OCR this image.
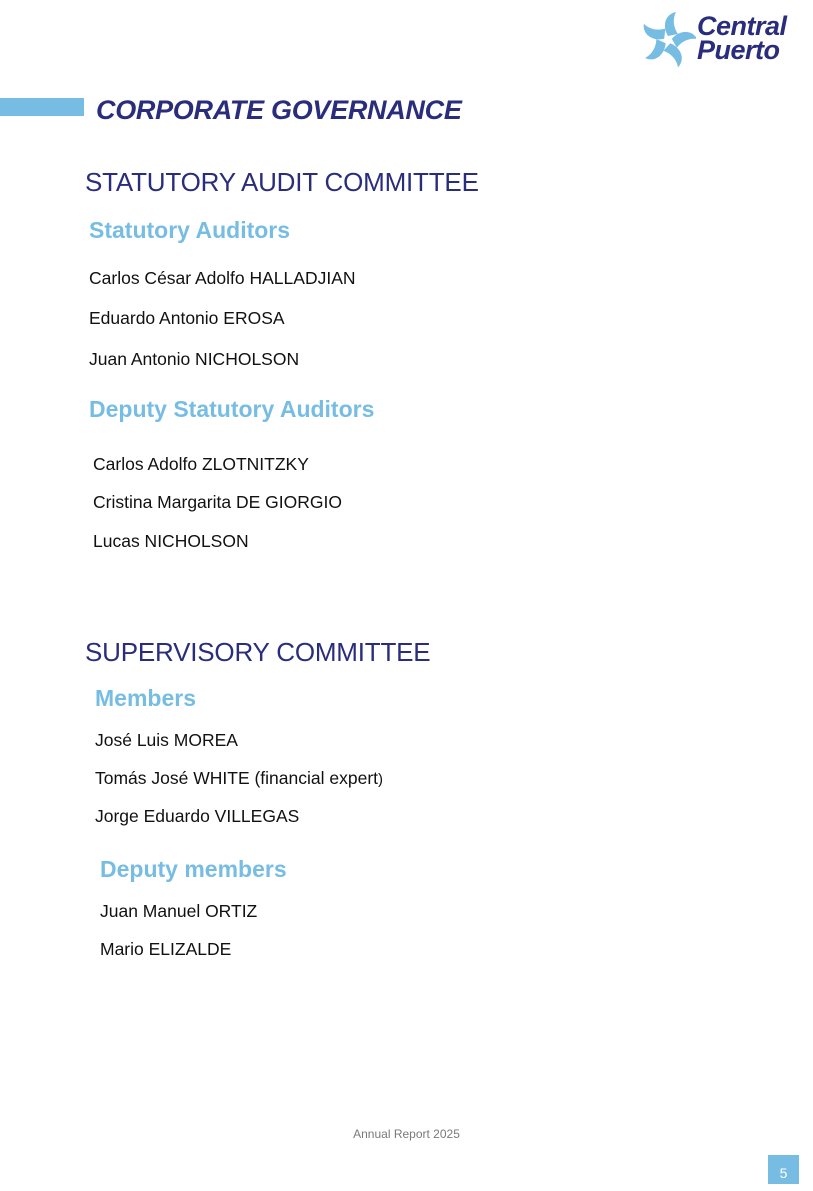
Central
Puerto
CORPORATE GOVERNANCE
STATUTORY AUDIT COMMITTEE
Statutory Auditors
Carlos César Adolfo HALLADJIAN
Eduardo Antonio EROSA
Juan Antonio NICHOLSON
Deputy Statutory Auditors
Carlos Adolfo ZLOTNITZKY
Cristina Margarita DE GIORGIO
Lucas NICHOLSON
SUPERVISORY COMMITTEE
Members
José Luis MOREA
Tomás José WHITE (financial expert)
Jorge Eduardo VILLEGAS
Deputy members
Juan Manuel ORTIZ
Mario ELIZALDE
Annual Report 2025
5
